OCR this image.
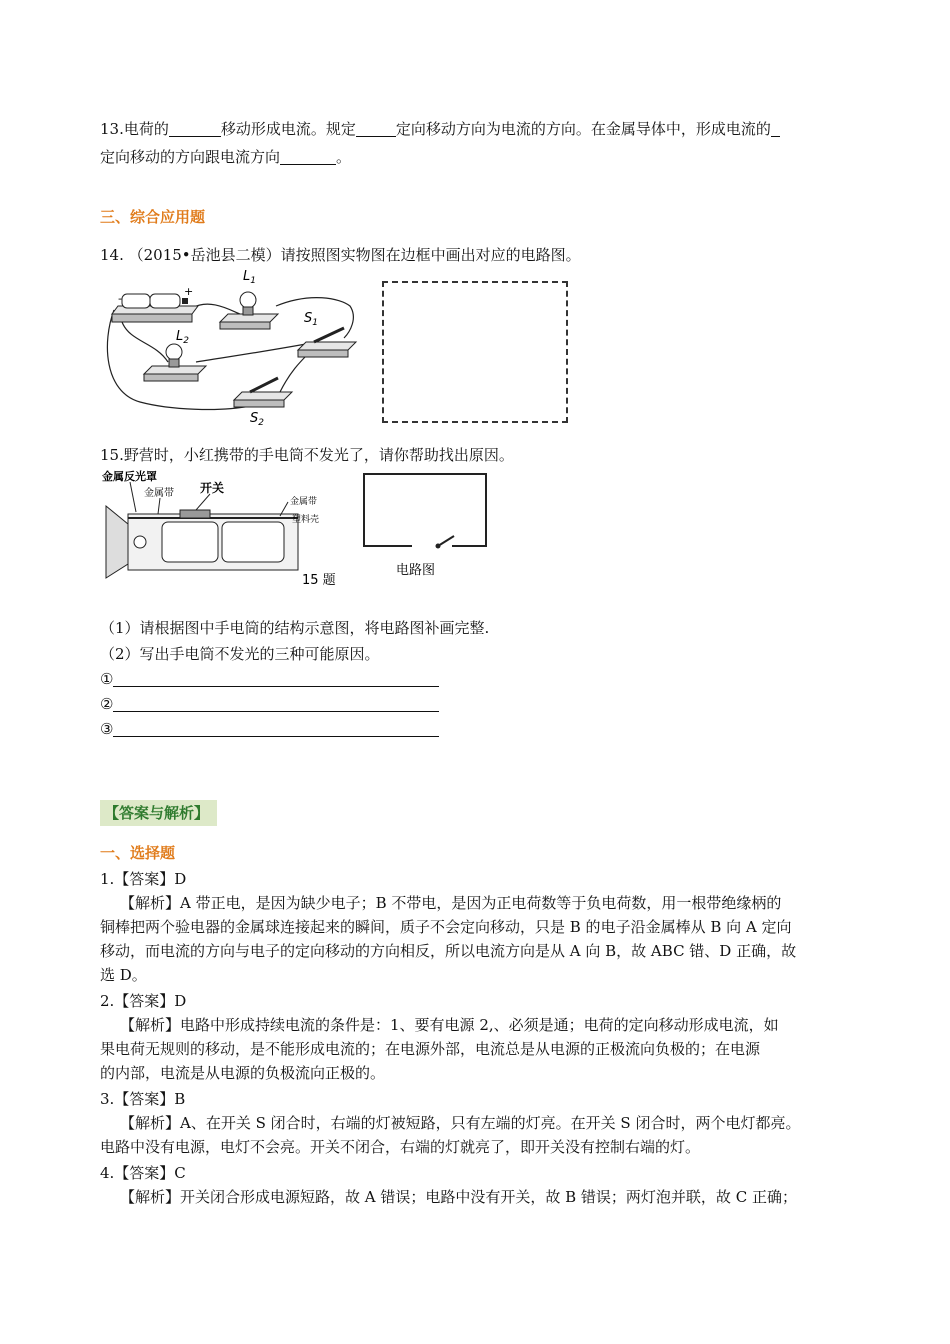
13.电荷的	移动形成电流。规定	定向移动方向为电流的方向。在金属导体中，形成电流的
定向移动的方向跟电流方向	。
三、综合应用题
14. （2015•岳池县二模）请按照图实物图在边框中画出对应的电路图。
-
+
$L_1$
$L_2$
$S_1$
$S_2$
15.野营时，小红携带的手电筒不发光了，请你帮助找出原因。
金属反光罩
金属带 开关
金属带
塑料壳
15 题
电路图
（1）请根据图中手电筒的结构示意图，将电路图补画完整.
（2）写出手电筒不发光的三种可能原因。
①
②
③
【答案与解析】
一、选择题
1.【答案】D
【解析】A 带正电，是因为缺少电子；B 不带电，是因为正电荷数等于负电荷数，用一根带绝缘柄的
铜棒把两个验电器的金属球连接起来的瞬间，质子不会定向移动，只是 B 的电子沿金属棒从 B 向 A 定向
移动，而电流的方向与电子的定向移动的方向相反，所以电流方向是从 A 向 B，故 ABC 错、D 正确，故
选 D。
2.【答案】D
【解析】电路中形成持续电流的条件是：1、要有电源 2,、必须是通；电荷的定向移动形成电流，如
果电荷无规则的移动，是不能形成电流的；在电源外部，电流总是从电源的正极流向负极的；在电源
的内部，电流是从电源的负极流向正极的。
3.【答案】B
【解析】A、在开关 S 闭合时，右端的灯被短路，只有左端的灯亮。在开关 S 闭合时，两个电灯都亮。
电路中没有电源，电灯不会亮。开关不闭合，右端的灯就亮了，即开关没有控制右端的灯。
4.【答案】C
【解析】开关闭合形成电源短路，故 A 错误；电路中没有开关，故 B 错误；两灯泡并联，故 C 正确；
